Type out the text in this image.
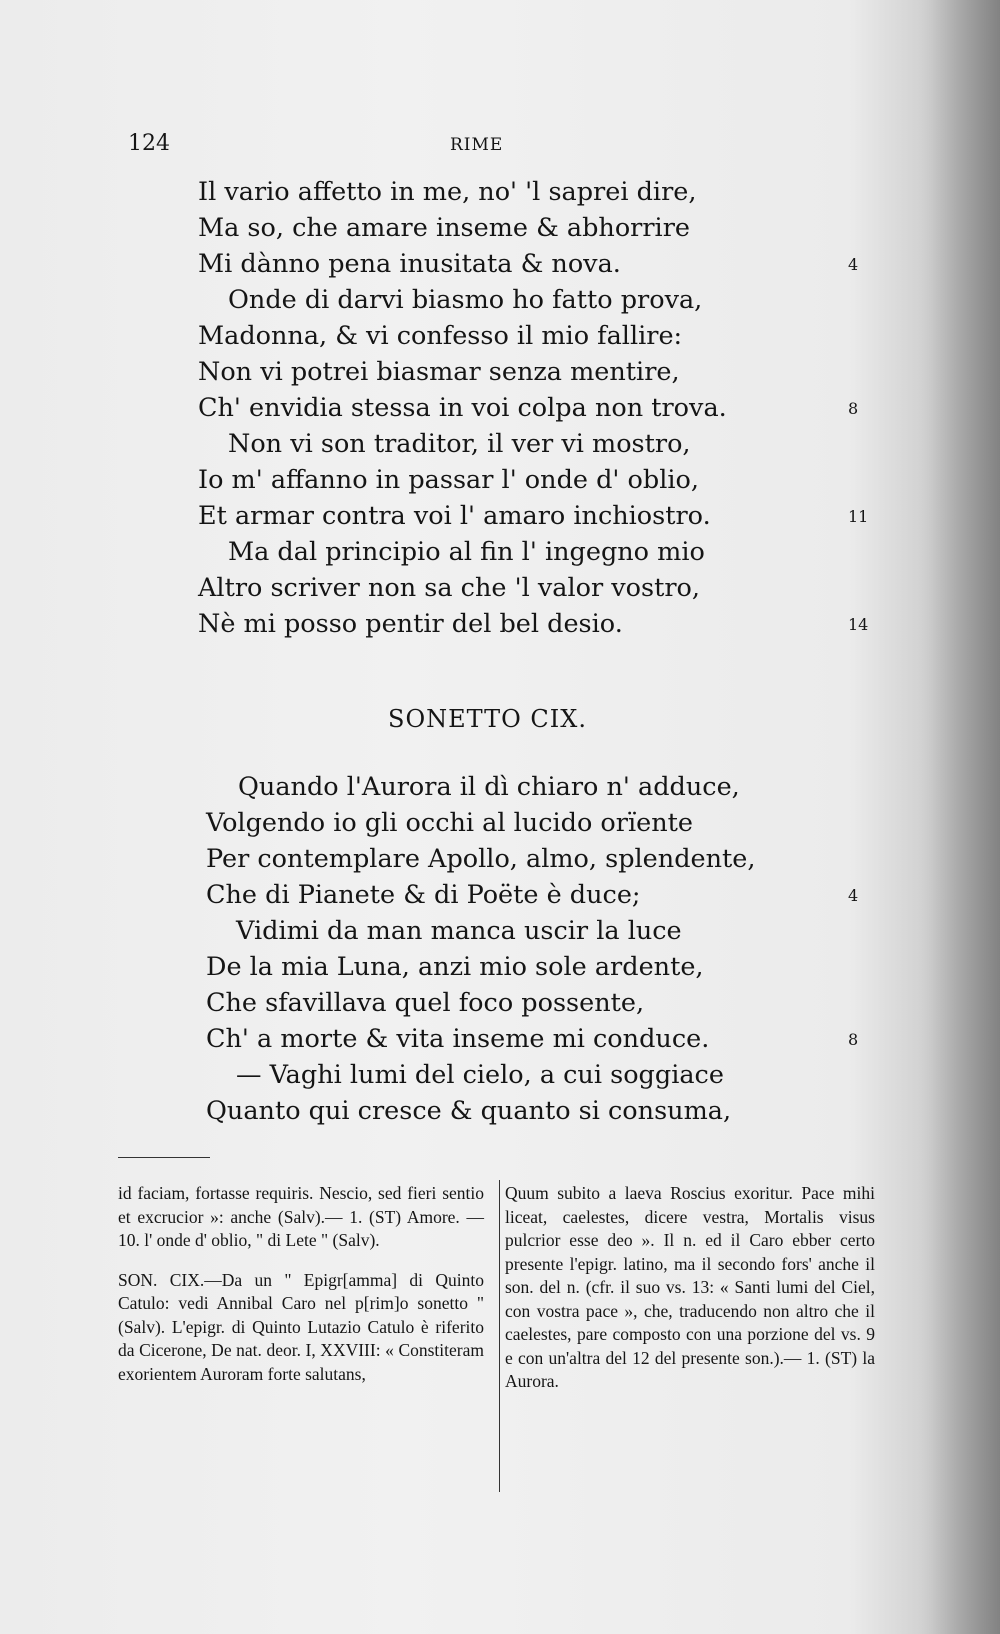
124	RIME
Il vario affetto in me, no' 'l saprei dire,
Ma so, che amare inseme & abhorrire
Mi dànno pena inusitata & nova.	4
Onde di darvi biasmo ho fatto prova,
Madonna, & vi confesso il mio fallire:
Non vi potrei biasmar senza mentire,
Ch' envidia stessa in voi colpa non trova.	8
Non vi son traditor, il ver vi mostro,
Io m' affanno in passar l' onde d' oblio,
Et armar contra voi l' amaro inchiostro.	11
Ma dal principio al fin l' ingegno mio
Altro scriver non sa che 'l valor vostro,
Nè mi posso pentir del bel desio.	14
SONETTO CIX.
Quando l'Aurora il dì chiaro n' adduce,
Volgendo io gli occhi al lucido orïente
Per contemplare Apollo, almo, splendente,
Che di Pianete & di Poëte è duce;	4
Vidimi da man manca uscir la luce
De la mia Luna, anzi mio sole ardente,
Che sfavillava quel foco possente,
Ch' a morte & vita inseme mi conduce.	8
— Vaghi lumi del cielo, a cui soggiace
Quanto qui cresce & quanto si consuma,

id faciam, fortasse requiris. Nescio, sed fieri sentio et excrucior »: anche (Salv).— 1. (ST) Amore. — 10. l' onde d' oblio, " di Lete " (Salv).

SON. CIX.—Da un " Epigr[amma] di Quinto Catulo: vedi Annibal Caro nel p[rim]o sonetto " (Salv). L'epigr. di Quinto Lutazio Catulo è riferito da Cicerone, De nat. deor. I, XXVIII: « Constiteram exorientem Auroram forte salutans,

Quum subito a laeva Roscius exoritur. Pace mihi liceat, caelestes, dicere vestra, Mortalis visus pulcrior esse deo ». Il n. ed il Caro ebber certo presente l'epigr. latino, ma il secondo fors' anche il son. del n. (cfr. il suo vs. 13: « Santi lumi del Ciel, con vostra pace », che, traducendo non altro che il caelestes, pare composto con una porzione del vs. 9 e con un'altra del 12 del presente son.).— 1. (ST) la Aurora.
